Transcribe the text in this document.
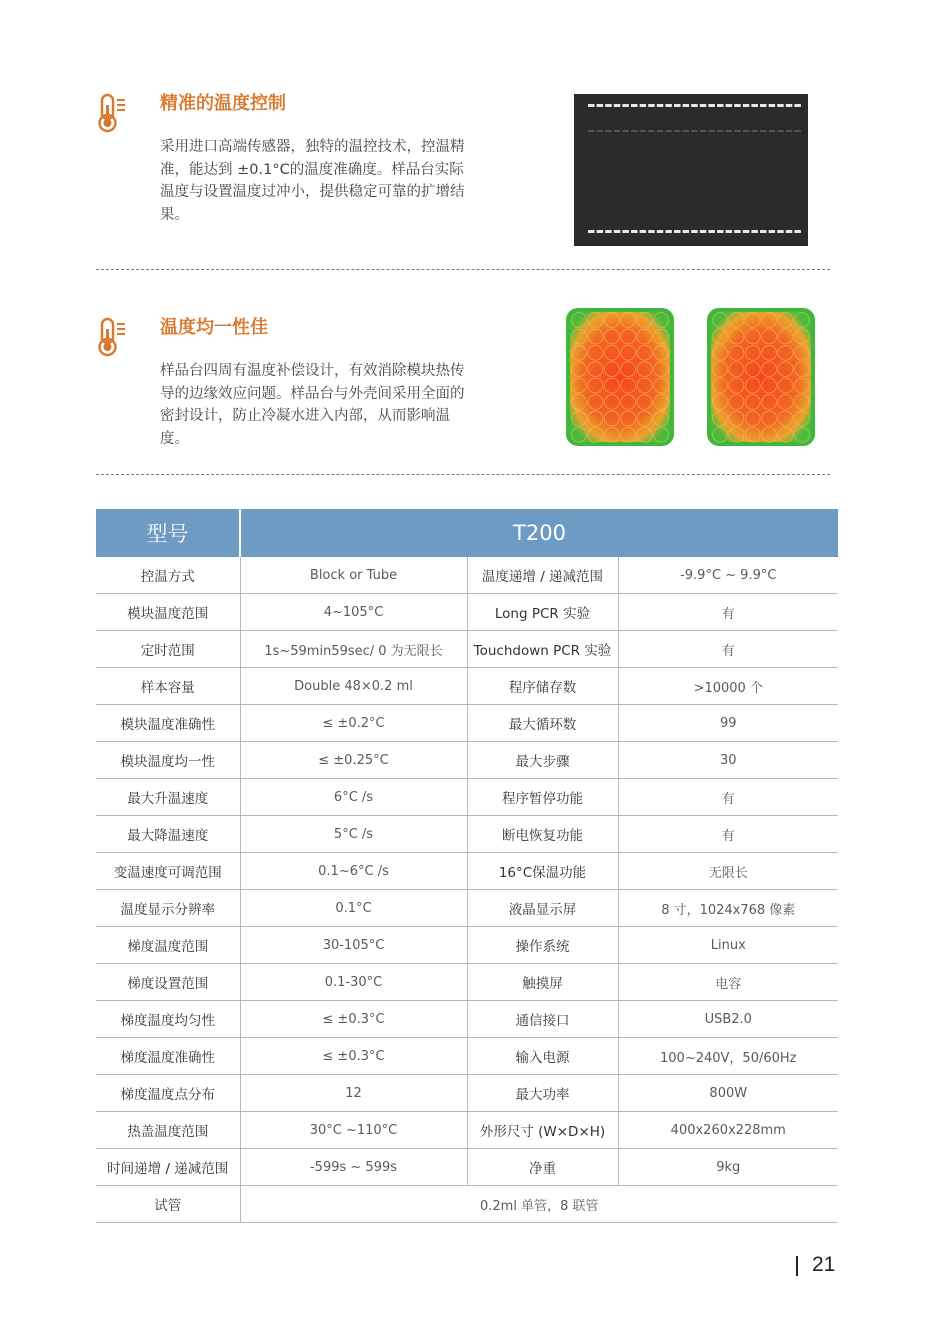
精准的温度控制
采用进口高端传感器，独特的温控技术，控温精准，能达到 ±0.1°C的温度准确度。样品台实际温度与设置温度过冲小，提供稳定可靠的扩增结果。
温度均一性佳
样品台四周有温度补偿设计，有效消除模块热传导的边缘效应问题。样品台与外壳间采用全面的密封设计，防止冷凝水进入内部，从而影响温度。
型号	T200		
控温方式	Block or Tube	温度递增 / 递减范围	-9.9°C ~ 9.9°C
模块温度范围	4~105°C	Long PCR 实验	有
定时范围	1s~59min59sec/ 0 为无限长	Touchdown PCR 实验	有
样本容量	Double 48×0.2 ml	程序储存数	>10000 个
模块温度准确性	≤ ±0.2°C	最大循环数	99
模块温度均一性	≤ ±0.25°C	最大步骤	30
最大升温速度	6°C /s	程序暂停功能	有
最大降温速度	5°C /s	断电恢复功能	有
变温速度可调范围	0.1~6°C /s	16°C保温功能	无限长
温度显示分辨率	0.1°C	液晶显示屏	8 寸，1024x768 像素
梯度温度范围	30-105°C	操作系统	Linux
梯度设置范围	0.1-30°C	触摸屏	电容
梯度温度均匀性	≤ ±0.3°C	通信接口	USB2.0
梯度温度准确性	≤ ±0.3°C	输入电源	100~240V，50/60Hz
梯度温度点分布	12	最大功率	800W
热盖温度范围	30°C ~110°C	外形尺寸 (W×D×H)	400x260x228mm
时间递增 / 递减范围	-599s ~ 599s	净重	9kg
试管	0.2ml 单管，8 联管		
21
